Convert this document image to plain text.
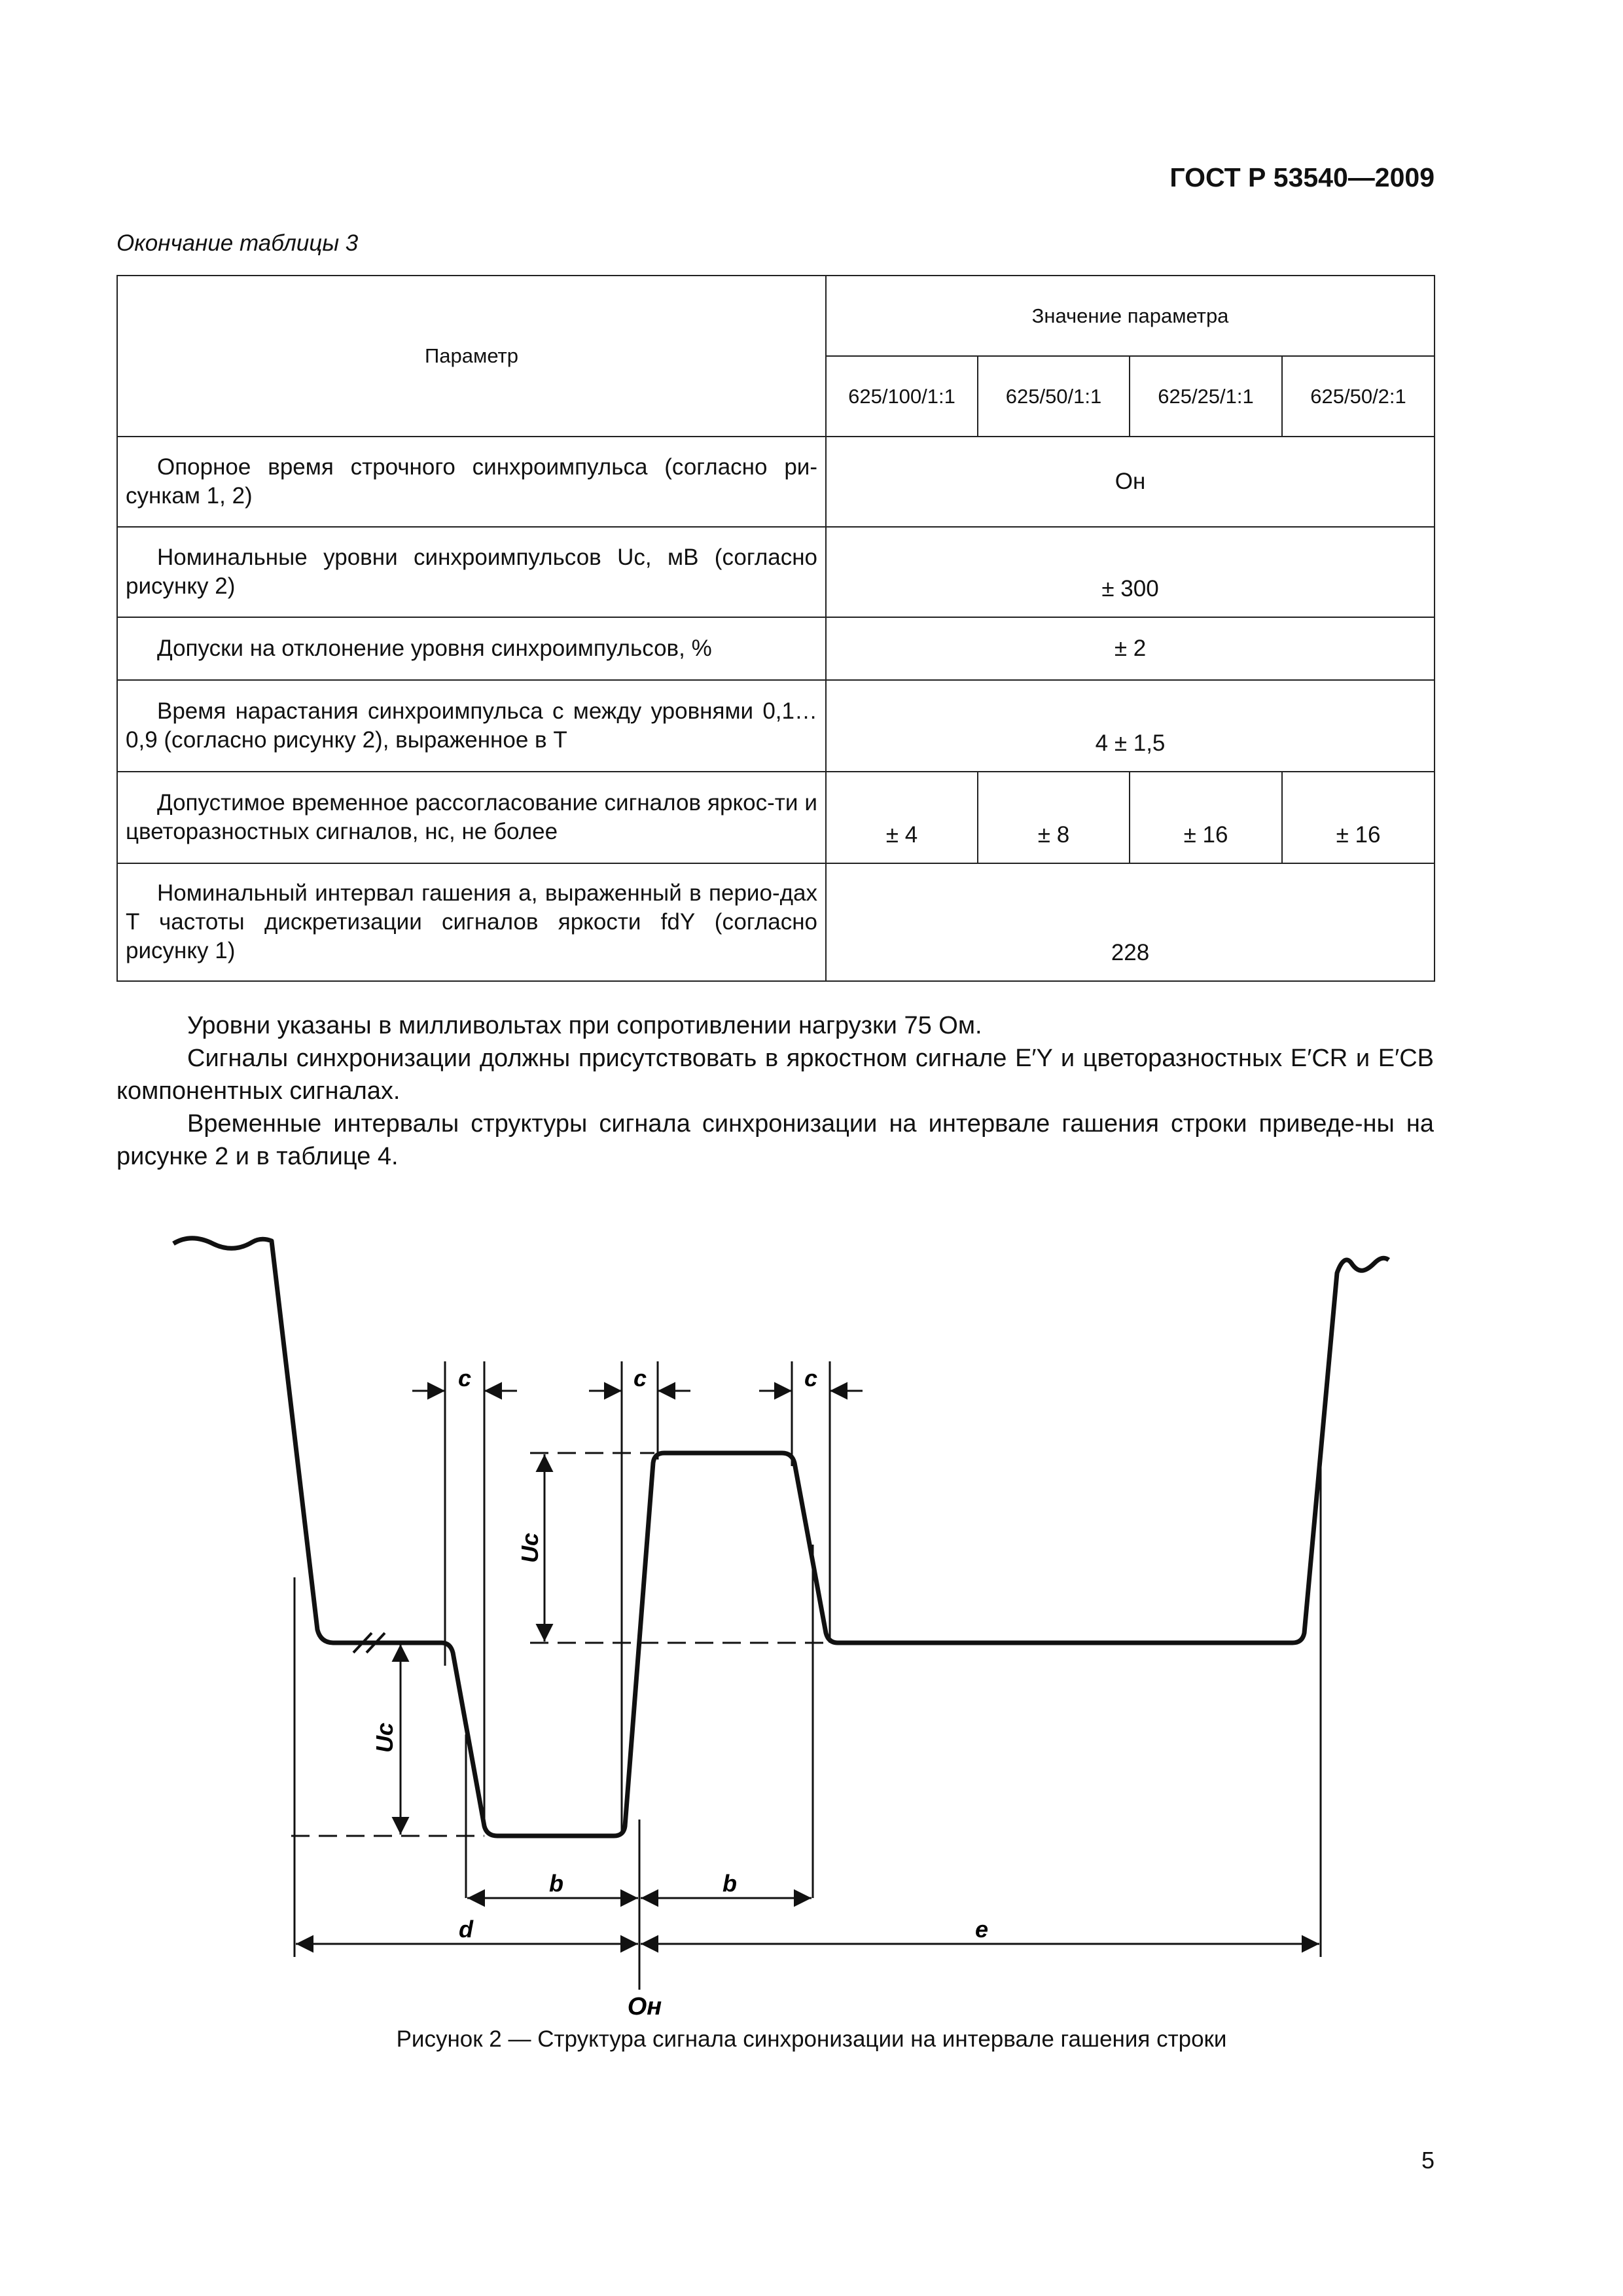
ГОСТ Р 53540—2009
Окончание таблицы 3
Параметр	Значение параметра			
	625/100/1:1	625/50/1:1	625/25/1:1	625/50/2:1
Опорное время строчного синхроимпульса (согласно ри-сункам 1, 2)	Oн			
Номинальные уровни синхроимпульсов Uс, мВ (согласно рисунку 2)	± 300			
Допуски на отклонение уровня синхроимпульсов, %	± 2			
Время нарастания синхроимпульса c между уровнями 0,1…0,9 (согласно рисунку 2), выраженное в T	4 ± 1,5			
Допустимое временное рассогласование сигналов яркос-ти и цветоразностных сигналов, нс, не более	± 4	± 8	± 16	± 16
Номинальный интервал гашения a, выраженный в перио-дах T частоты дискретизации сигналов яркости fdY (согласно рисунку 1)	228			

Уровни указаны в милливольтах при сопротивлении нагрузки 75 Ом.

Сигналы синхронизации должны присутствовать в яркостном сигнале E′Y и цветоразностных E′CR и E′CB компонентных сигналах.

Временные интервалы структуры сигнала синхронизации на интервале гашения строки приведе-ны на рисунке 2 и в таблице 4.

c	c	c
Uc
Uc
b	b
d	e
Oн
Рисунок 2 — Структура сигнала синхронизации на интервале гашения строки
5
